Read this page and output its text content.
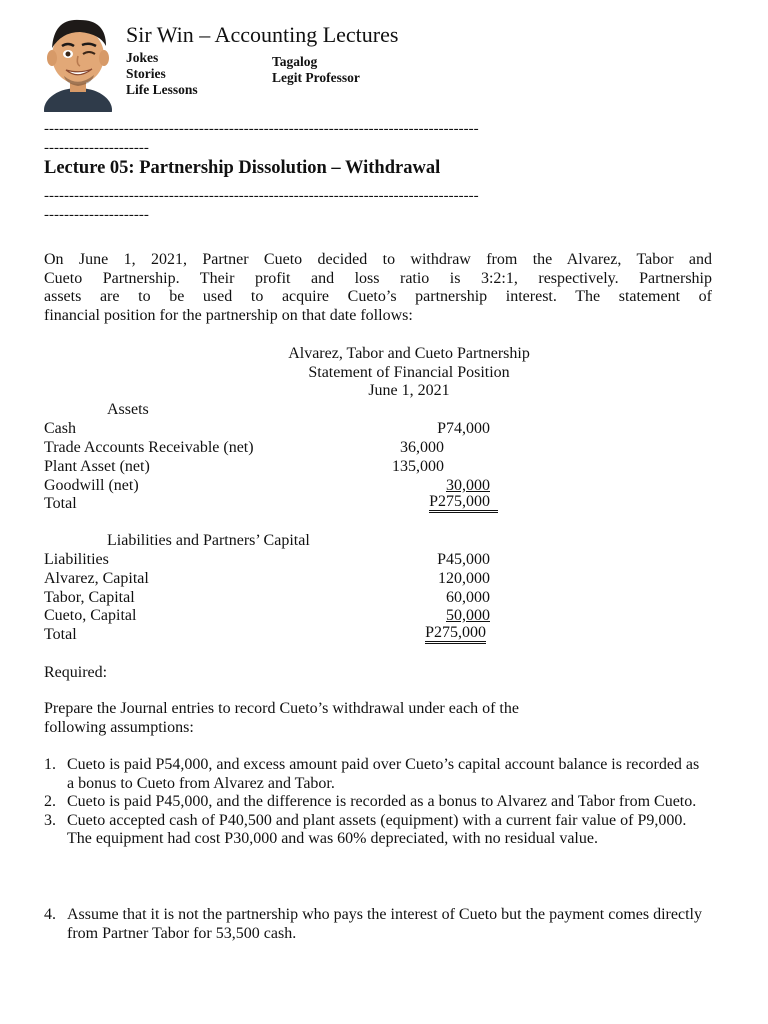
Sir Win – Accounting Lectures
Jokes
Stories
Life Lessons
Tagalog
Legit Professor
---------------------------------------------------------------------------------------
---------------------
Lecture 05: Partnership Dissolution – Withdrawal
---------------------------------------------------------------------------------------
---------------------
On June 1, 2021, Partner Cueto decided to withdraw from the Alvarez, Tabor and
Cueto Partnership. Their profit and loss ratio is 3:2:1, respectively. Partnership
assets are to be used to acquire Cueto’s partnership interest. The statement of
financial position for the partnership on that date follows:
Alvarez, Tabor and Cueto Partnership
Statement of Financial Position
June 1, 2021
Assets
Cash	P74,000
Trade Accounts Receivable (net)	36,000
Plant Asset (net)	135,000
Goodwill (net)	30,000
Total	P275,000
Liabilities and Partners’ Capital
Liabilities	P45,000
Alvarez, Capital	120,000
Tabor, Capital	60,000
Cueto, Capital	50,000
Total	P275,000
Required:
Prepare the Journal entries to record Cueto’s withdrawal under each of the
following assumptions:
1. Cueto is paid P54,000, and excess amount paid over Cueto’s capital account balance is recorded as a bonus to Cueto from Alvarez and Tabor.
2. Cueto is paid P45,000, and the difference is recorded as a bonus to Alvarez and Tabor from Cueto.
3. Cueto accepted cash of P40,500 and plant assets (equipment) with a current fair value of P9,000. The equipment had cost P30,000 and was 60% depreciated, with no residual value.
4. Assume that it is not the partnership who pays the interest of Cueto but the payment comes directly from Partner Tabor for 53,500 cash.
